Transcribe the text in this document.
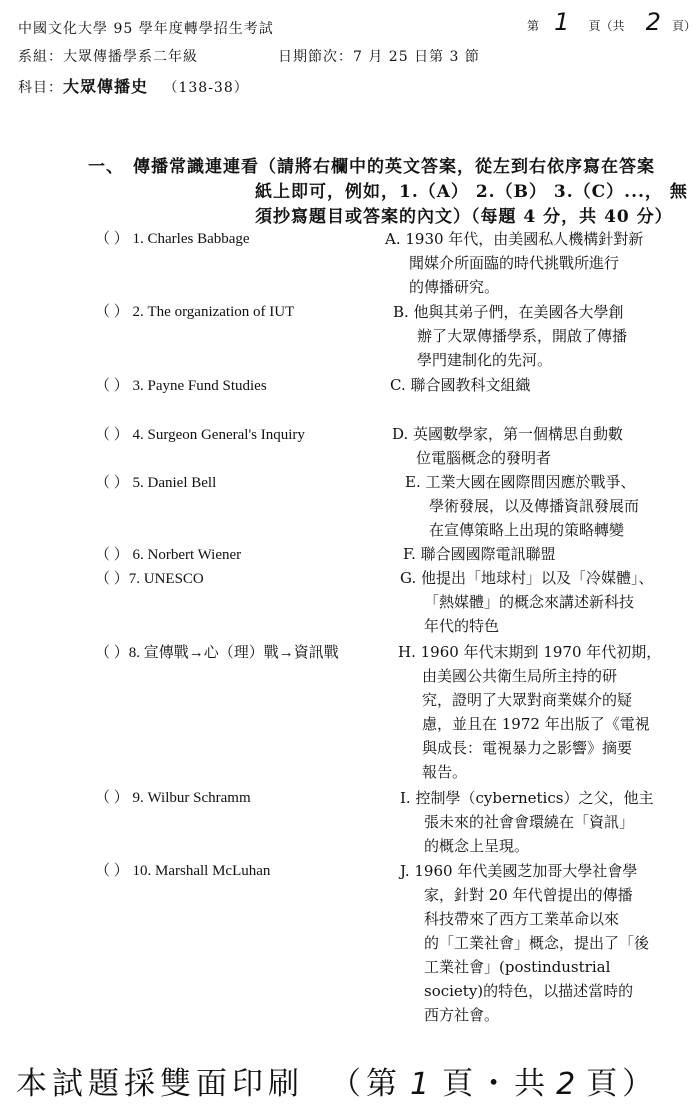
中國文化大學 95 學年度轉學招生考試	第 1 頁（共 2 頁）
系組：大眾傳播學系二年級	日期節次：7 月 25 日第 3 節
科目：大眾傳播史 （138-38）
一、 傳播常識連連看（請將右欄中的英文答案，從左到右依序寫在答案
紙上即可，例如，1.（A） 2.（B） 3.（C）...， 無
須抄寫題目或答案的內文）（每題 4 分，共 40 分）
（ ） 1. Charles Babbage
（ ） 2. The organization of IUT
（ ） 3. Payne Fund Studies
（ ） 4. Surgeon General's Inquiry
（ ） 5. Daniel Bell
（ ） 6. Norbert Wiener
（ ）7. UNESCO
（ ）8. 宣傳戰→心（理）戰→資訊戰
（ ） 9. Wilbur Schramm
（ ） 10. Marshall McLuhan
A. 1930 年代，由美國私人機構針對新
聞媒介所面臨的時代挑戰所進行
的傳播研究。
B. 他與其弟子們，在美國各大學創
辦了大眾傳播學系，開啟了傳播
學門建制化的先河。
C. 聯合國教科文組織
D. 英國數學家，第一個構思自動數
位電腦概念的發明者
E. 工業大國在國際間因應於戰爭、
學術發展，以及傳播資訊發展而
在宣傳策略上出現的策略轉變
F. 聯合國國際電訊聯盟
G. 他提出「地球村」以及「冷媒體」、
「熱媒體」的概念來講述新科技
年代的特色
H. 1960 年代末期到 1970 年代初期，
由美國公共衛生局所主持的研
究，證明了大眾對商業媒介的疑
慮，並且在 1972 年出版了《電視
與成長：電視暴力之影響》摘要
報告。
I. 控制學（cybernetics）之父，他主
張未來的社會會環繞在「資訊」
的概念上呈現。
J. 1960 年代美國芝加哥大學社會學
家，針對 20 年代曾提出的傳播
科技帶來了西方工業革命以來
的「工業社會」概念，提出了「後
工業社會」(postindustrial
society)的特色，以描述當時的
西方社會。
本試題採雙面印刷 （第 1 頁・共 2 頁）
